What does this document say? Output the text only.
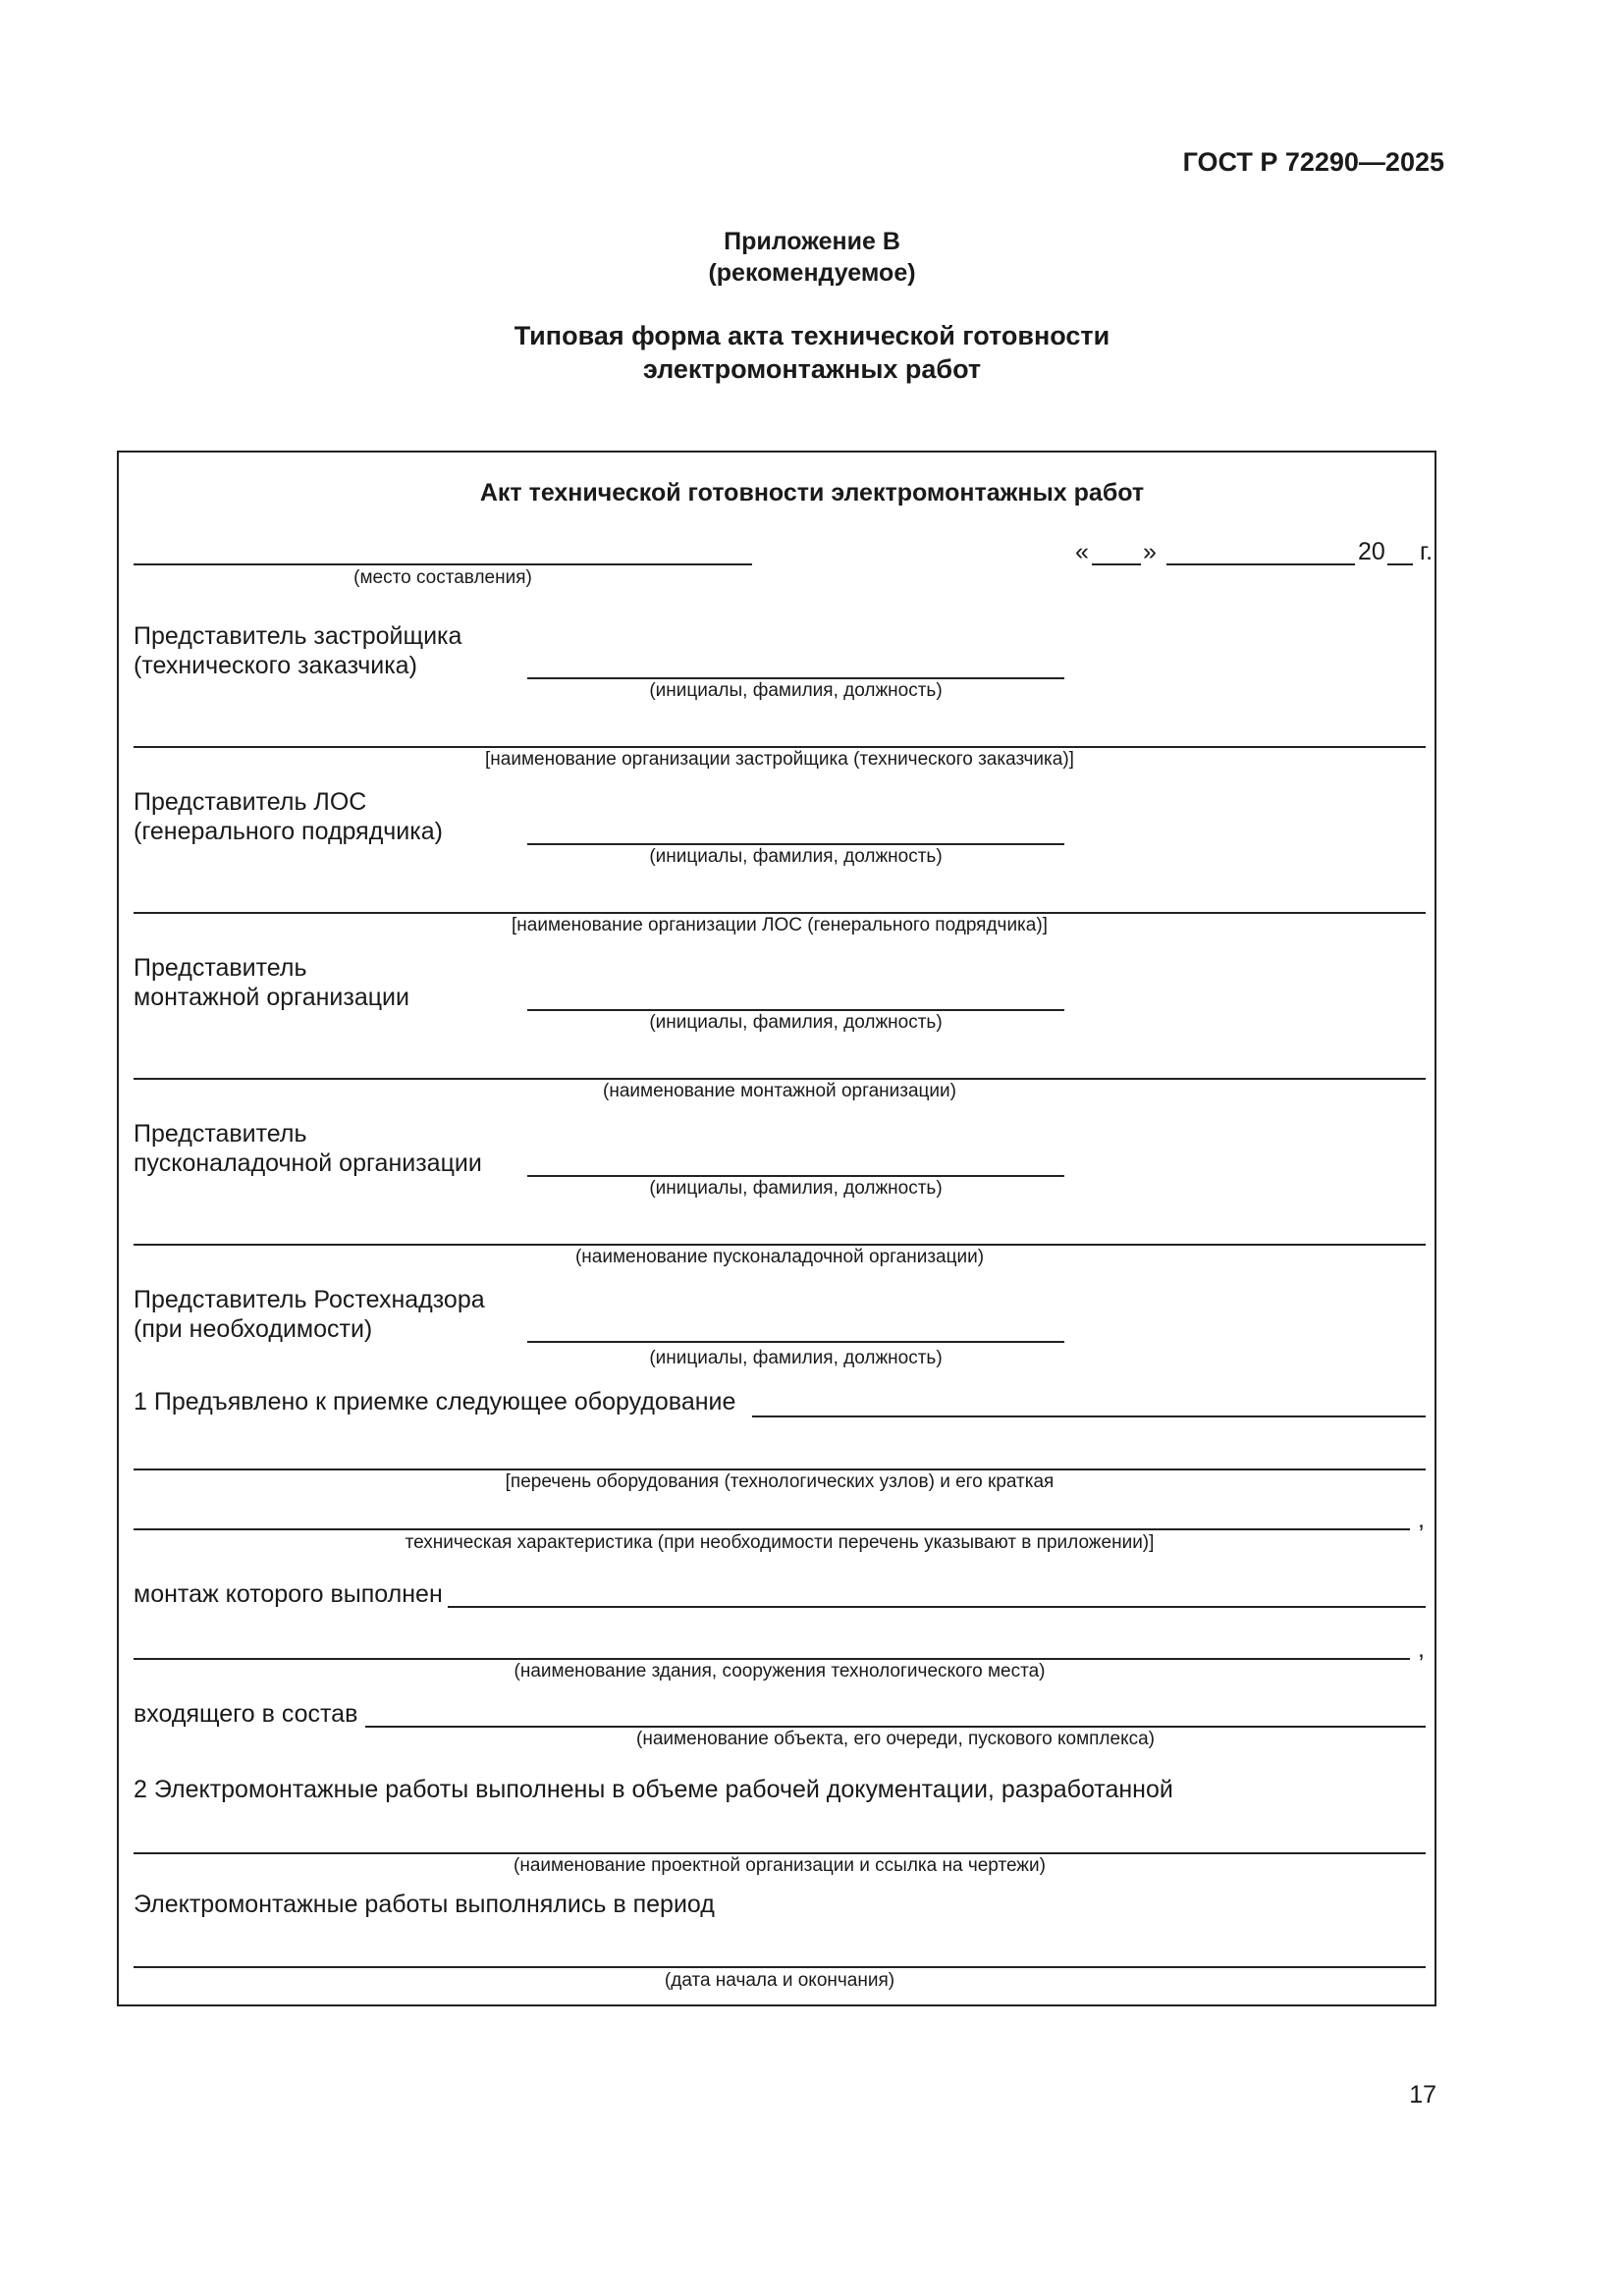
ГОСТ Р 72290—2025
Приложение В
(рекомендуемое)
Типовая форма акта технической готовности
электромонтажных работ
Акт технической готовности электромонтажных работ
(место составления)
« »	20 г.
Представитель застройщика
(технического заказчика)
(инициалы, фамилия, должность)
[наименование организации застройщика (технического заказчика)]
Представитель ЛОС
(генерального подрядчика)
(инициалы, фамилия, должность)
[наименование организации ЛОС (генерального подрядчика)]
Представитель
монтажной организации
(инициалы, фамилия, должность)
(наименование монтажной организации)
Представитель
пусконаладочной организации
(инициалы, фамилия, должность)
(наименование пусконаладочной организации)
Представитель Ростехнадзора
(при необходимости)
(инициалы, фамилия, должность)
1 Предъявлено к приемке следующее оборудование
[перечень оборудования (технологических узлов) и его краткая
,
техническая характеристика (при необходимости перечень указывают в приложении)]
монтаж которого выполнен
,
(наименование здания, сооружения технологического места)
входящего в состав
(наименование объекта, его очереди, пускового комплекса)
2 Электромонтажные работы выполнены в объеме рабочей документации, разработанной
(наименование проектной организации и ссылка на чертежи)
Электромонтажные работы выполнялись в период
(дата начала и окончания)
17
